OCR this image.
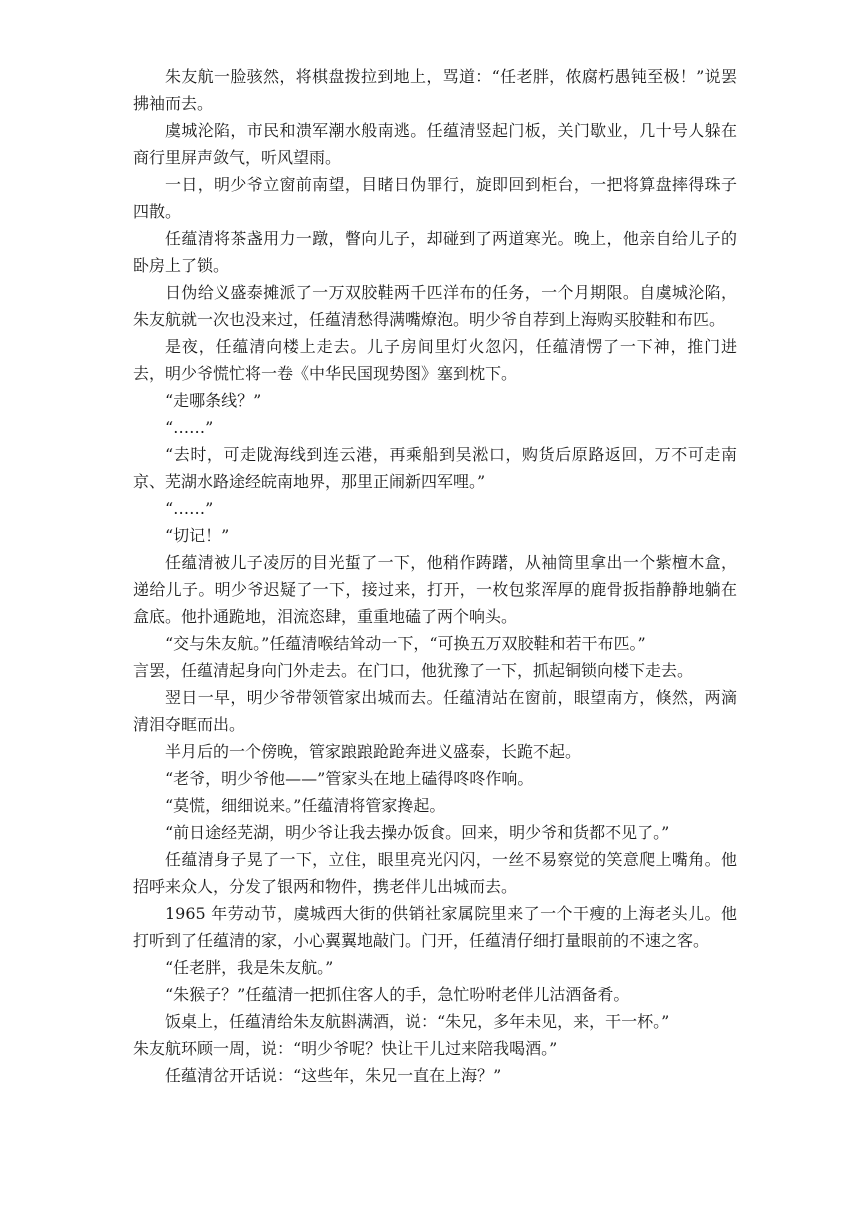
朱友航一脸骇然，将棋盘拨拉到地上，骂道：“任老胖，侬腐朽愚钝至极！”说罢拂袖而去。

虞城沦陷，市民和溃军潮水般南逃。任蕴清竖起门板，关门歇业，几十号人躲在商行里屏声敛气，听风望雨。

一日，明少爷立窗前南望，目睹日伪罪行，旋即回到柜台，一把将算盘摔得珠子四散。

任蕴清将茶盏用力一蹾，瞥向儿子，却碰到了两道寒光。晚上，他亲自给儿子的卧房上了锁。

日伪给义盛泰摊派了一万双胶鞋两千匹洋布的任务，一个月期限。自虞城沦陷，朱友航就一次也没来过，任蕴清愁得满嘴燎泡。明少爷自荐到上海购买胶鞋和布匹。

是夜，任蕴清向楼上走去。儿子房间里灯火忽闪，任蕴清愣了一下神，推门进去，明少爷慌忙将一卷《中华民国现势图》塞到枕下。

“走哪条线？”

“……”

“去时，可走陇海线到连云港，再乘船到吴淞口，购货后原路返回，万不可走南京、芜湖水路途经皖南地界，那里正闹新四军哩。”

“……”

“切记！”

任蕴清被儿子凌厉的目光蜇了一下，他稍作踌躇，从袖筒里拿出一个紫檀木盒，递给儿子。明少爷迟疑了一下，接过来，打开，一枚包浆浑厚的鹿骨扳指静静地躺在盒底。他扑通跪地，泪流恣肆，重重地磕了两个响头。

“交与朱友航。”任蕴清喉结耸动一下，“可换五万双胶鞋和若干布匹。”

言罢，任蕴清起身向门外走去。在门口，他犹豫了一下，抓起铜锁向楼下走去。

翌日一早，明少爷带领管家出城而去。任蕴清站在窗前，眼望南方，倏然，两滴清泪夺眶而出。

半月后的一个傍晚，管家踉踉跄跄奔进义盛泰，长跪不起。

“老爷，明少爷他——”管家头在地上磕得咚咚作响。

“莫慌，细细说来。”任蕴清将管家搀起。

“前日途经芜湖，明少爷让我去操办饭食。回来，明少爷和货都不见了。”

任蕴清身子晃了一下，立住，眼里亮光闪闪，一丝不易察觉的笑意爬上嘴角。他招呼来众人，分发了银两和物件，携老伴儿出城而去。

1965 年劳动节，虞城西大街的供销社家属院里来了一个干瘦的上海老头儿。他打听到了任蕴清的家，小心翼翼地敲门。门开，任蕴清仔细打量眼前的不速之客。

“任老胖，我是朱友航。”

“朱猴子？”任蕴清一把抓住客人的手，急忙吩咐老伴儿沽酒备肴。

饭桌上，任蕴清给朱友航斟满酒，说：“朱兄，多年未见，来，干一杯。”

朱友航环顾一周，说：“明少爷呢？快让干儿过来陪我喝酒。”

任蕴清岔开话说：“这些年，朱兄一直在上海？”
